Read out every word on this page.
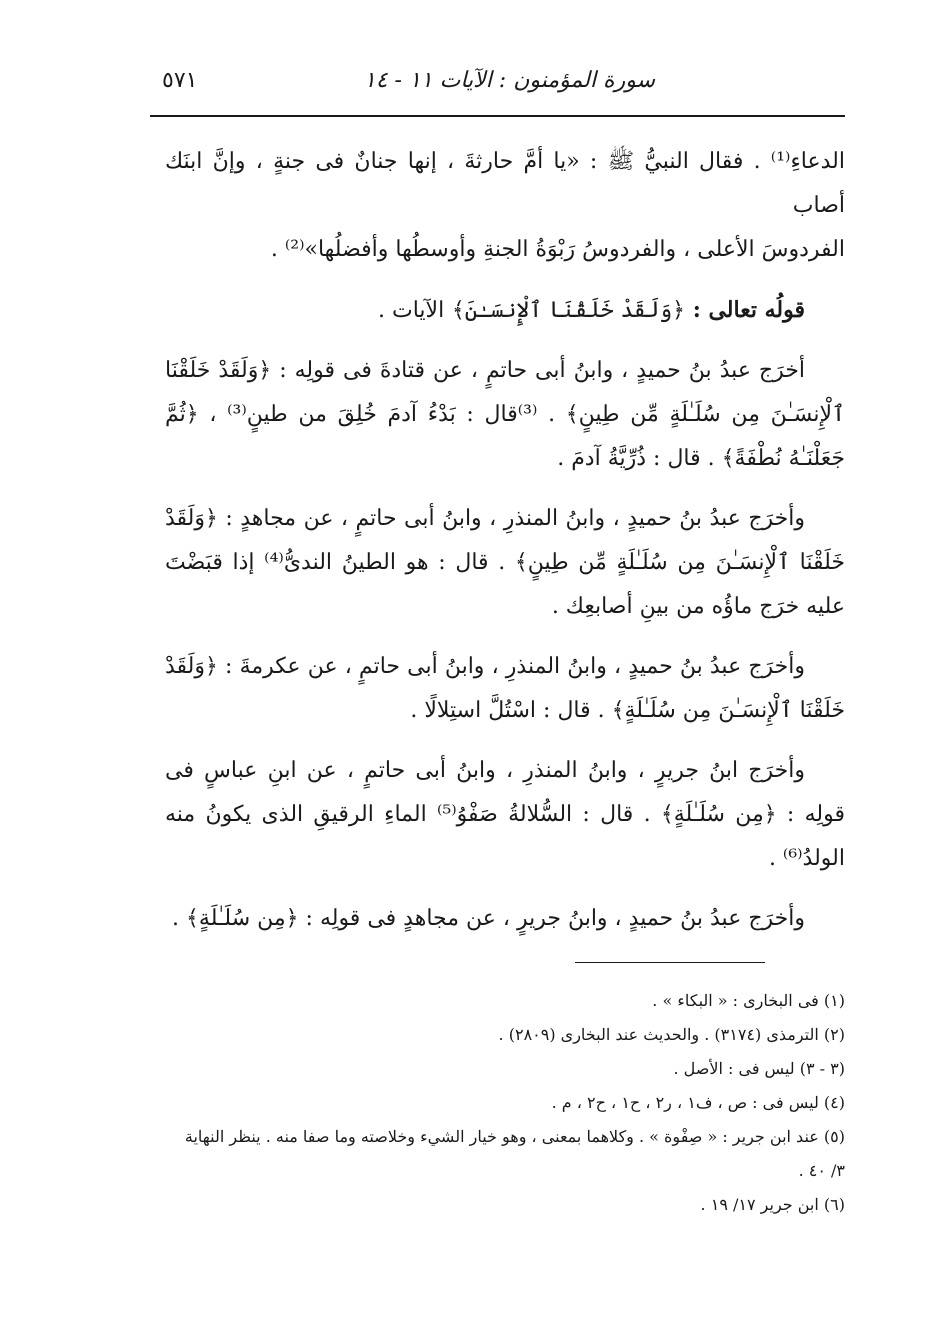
سورة المؤمنون : الآيات ١١ - ١٤
٥٧١

الدعاءِ⁽¹⁾ . فقال النبيُّ ﷺ : «يا أمَّ حارثةَ ، إنها جنانٌ فى جنةٍ ، وإنَّ ابنَك أصاب
الفردوسَ الأعلى ، والفردوسُ رَبْوَةُ الجنةِ وأوسطُها وأفضلُها»⁽²⁾ .

قولُه تعالى : ﴿وَلَقَدْ خَلَقْنَا ٱلْإِنسَـٰنَ﴾ الآيات .

أخرَج عبدُ بنُ حميدٍ ، وابنُ أبى حاتمٍ ، عن قتادةَ فى قولِه : ﴿وَلَقَدْ خَلَقْنَا ٱلْإِنسَـٰنَ مِن سُلَـٰلَةٍ مِّن طِينٍ﴾ . ⁽³⁾قال : بَدْءُ آدمَ خُلِقَ من طينٍ⁽³⁾ ، ﴿ثُمَّ جَعَلْنَـٰهُ نُطْفَةً﴾ . قال : ذُرِّيَّةُ آدمَ .

وأخرَج عبدُ بنُ حميدٍ ، وابنُ المنذرِ ، وابنُ أبى حاتمٍ ، عن مجاهدٍ : ﴿وَلَقَدْ خَلَقْنَا ٱلْإِنسَـٰنَ مِن سُلَـٰلَةٍ مِّن طِينٍ﴾ . قال : هو الطينُ الندىُّ⁽⁴⁾ إذا قبَضْتَ عليه خرَج ماؤُه من بينِ أصابعِك .

وأخرَج عبدُ بنُ حميدٍ ، وابنُ المنذرِ ، وابنُ أبى حاتمٍ ، عن عكرمةَ : ﴿وَلَقَدْ خَلَقْنَا ٱلْإِنسَـٰنَ مِن سُلَـٰلَةٍ﴾ . قال : اسْتُلَّ استِلالًا .

وأخرَج ابنُ جريرٍ ، وابنُ المنذرِ ، وابنُ أبى حاتمٍ ، عن ابنِ عباسٍ فى قولِه : ﴿مِن سُلَـٰلَةٍ﴾ . قال : السُّلالةُ صَفْوُ⁽⁵⁾ الماءِ الرقيقِ الذى يكونُ منه الولدُ⁽⁶⁾ .

وأخرَج عبدُ بنُ حميدٍ ، وابنُ جريرٍ ، عن مجاهدٍ فى قولِه : ﴿مِن سُلَـٰلَةٍ﴾ .

(١) فى البخارى : « البكاء » .
(٢) الترمذى (٣١٧٤) . والحديث عند البخارى (٢٨٠٩) .
(٣ - ٣) ليس فى : الأصل .
(٤) ليس فى : ص ، ف١ ، ر٢ ، ح١ ، ح٢ ، م .
(٥) عند ابن جرير : « صِفْوة » . وكلاهما بمعنى ، وهو خيار الشيء وخلاصته وما صفا منه . ينظر النهاية
٣/ ٤٠ .
(٦) ابن جرير ١٧/ ١٩ .
